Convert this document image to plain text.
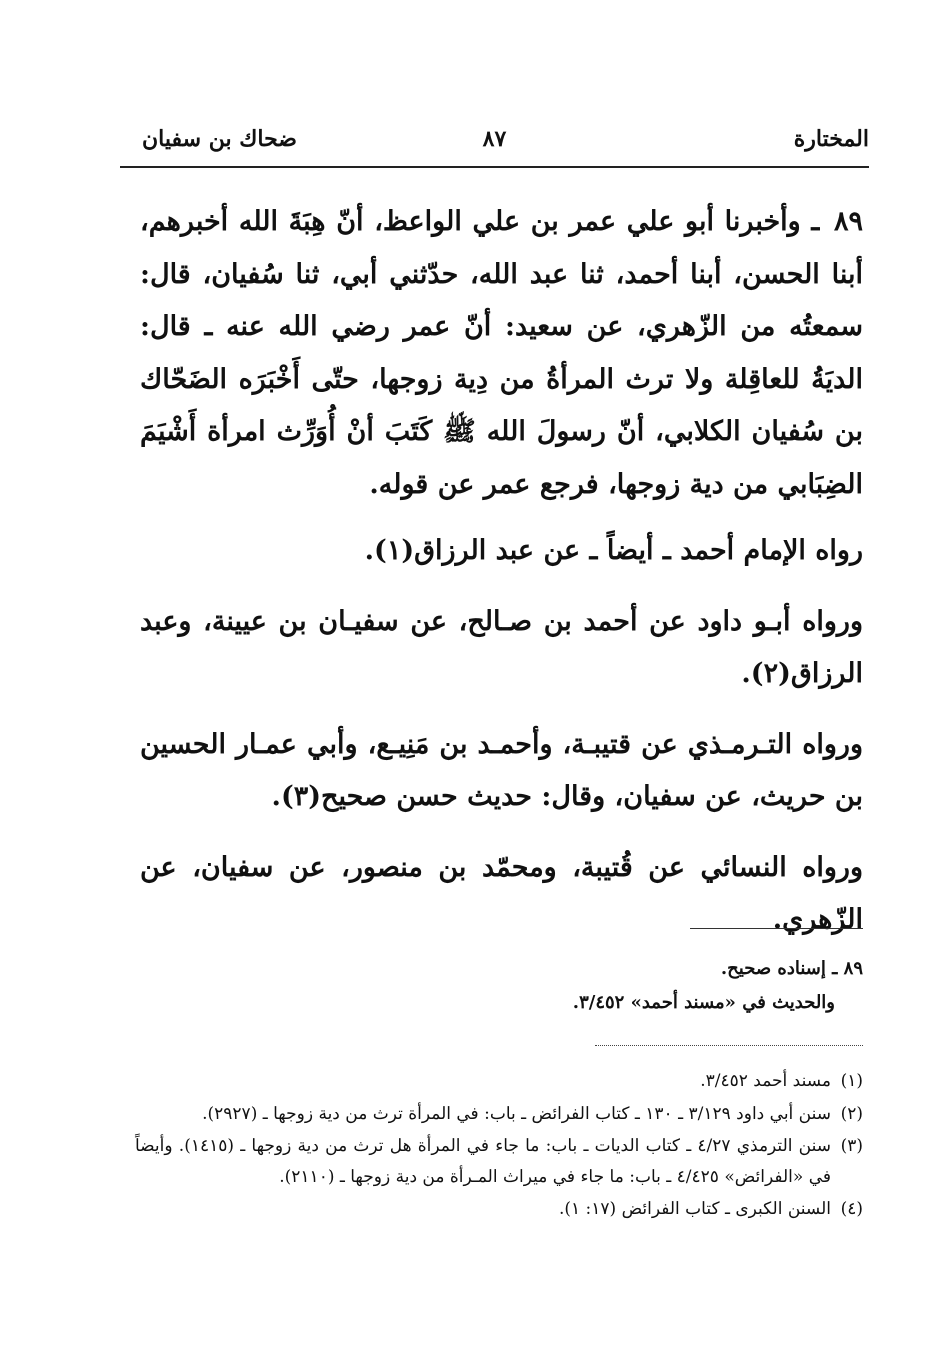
المختارة
٨٧
ضحاك بن سفيان

٨٩ ـ وأخبرنا أبو علي عمر بن علي الواعظ، أنّ هِبَةَ الله أخبرهم، أبنا الحسن، أبنا أحمد، ثنا عبد الله، حدّثني أبي، ثنا سُفيان، قال: سمعتُه من الزّهري، عن سعيد: أنّ عمر رضي الله عنه ـ قال: الديَةُ للعاقِلة ولا ترث المرأةُ من دِية زوجها، حتّى أَخْبَرَه الضَحّاك بن سُفيان الكلابي، أنّ رسولَ الله ﷺ كَتَبَ أنْ أُوَرِّث امرأة أَشْيَمَ الضِبَابي من دية زوجها، فرجع عمر عن قوله.

رواه الإمام أحمد ـ أيضاً ـ عن عبد الرزاق(١).

ورواه أبـو داود عن أحمد بن صـالح، عن سفيـان بن عيينة، وعبد الرزاق(٢).

ورواه التـرمـذي عن قتيبـة، وأحمـد بن مَنِيـع، وأبي عمـار الحسين بن حريث، عن سفيان، وقال: حديث حسن صحيح(٣).

ورواه النسائي عن قُتيبة، ومحمّد بن منصور، عن سفيان، عن الزّهري.

٨٩ ـ إسناده صحيح.
والحديث في «مسند أحمد» ٣/٤٥٢.
(١)
مسند أحمد ٣/٤٥٢.
(٢)
سنن أبي داود ٣/١٢٩ ـ ١٣٠ ـ كتاب الفرائض ـ باب: في المرأة ترث من دية زوجها ـ (٢٩٢٧).
(٣)
سنن الترمذي ٤/٢٧ ـ كتاب الديات ـ باب: ما جاء في المرأة هل ترث من دية زوجها ـ (١٤١٥). وأيضاً في «الفرائض» ٤/٤٢٥ ـ باب: ما جاء في ميراث المـرأة من دية زوجها ـ (٢١١٠).
(٤)
السنن الكبرى ـ كتاب الفرائض (١٧: ١).
